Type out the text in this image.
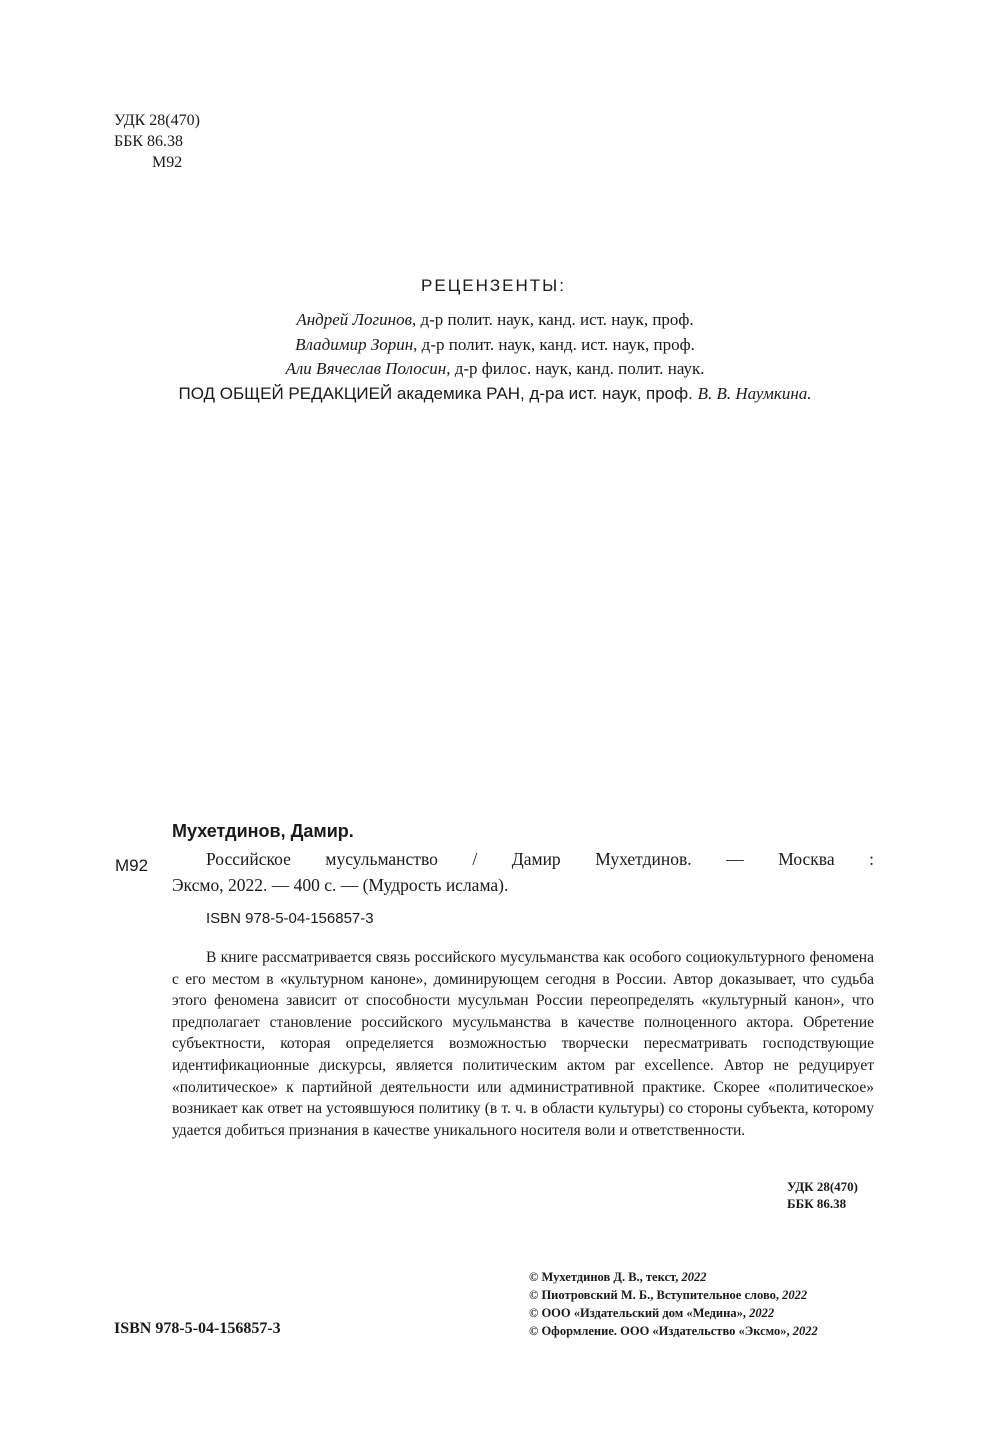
УДК 28(470)
ББК 86.38
М92
РЕЦЕНЗЕНТЫ:
Андрей Логинов, д-р полит. наук, канд. ист. наук, проф.
Владимир Зорин, д-р полит. наук, канд. ист. наук, проф.
Али Вячеслав Полосин, д-р филос. наук, канд. полит. наук.
ПОД ОБЩЕЙ РЕДАКЦИЕЙ академика РАН, д-ра ист. наук, проф. В. В. Наумкина.
Мухетдинов, Дамир.
М92	Российское мусульманство / Дамир Мухетдинов. — Москва :
Эксмо, 2022. — 400 с. — (Мудрость ислама).
ISBN 978-5-04-156857-3

В книге рассматривается связь российского мусульманства как особого социокультурного феномена с его местом в «культурном каноне», доминирующем сегодня в России. Автор доказывает, что судьба этого феномена зависит от способности мусульман России переопределять «культурный канон», что предполагает становление российского мусульманства в качестве полноценного актора. Обретение субъектности, которая определяется возможностью творчески пересматривать господствующие идентификационные дискурсы, является политическим актом par excellence. Автор не редуцирует «политическое» к партийной деятельности или административной практике. Скорее «политическое» возникает как ответ на устоявшуюся политику (в т. ч. в области культуры) со стороны субъекта, которому удается добиться признания в качестве уникального носителя воли и ответственности.

УДК 28(470)
ББК 86.38
© Мухетдинов Д. В., текст, 2022
© Пиотровский М. Б., Вступительное слово, 2022
© ООО «Издательский дом «Медина», 2022
© Оформление. ООО «Издательство «Эксмо», 2022
ISBN 978-5-04-156857-3
